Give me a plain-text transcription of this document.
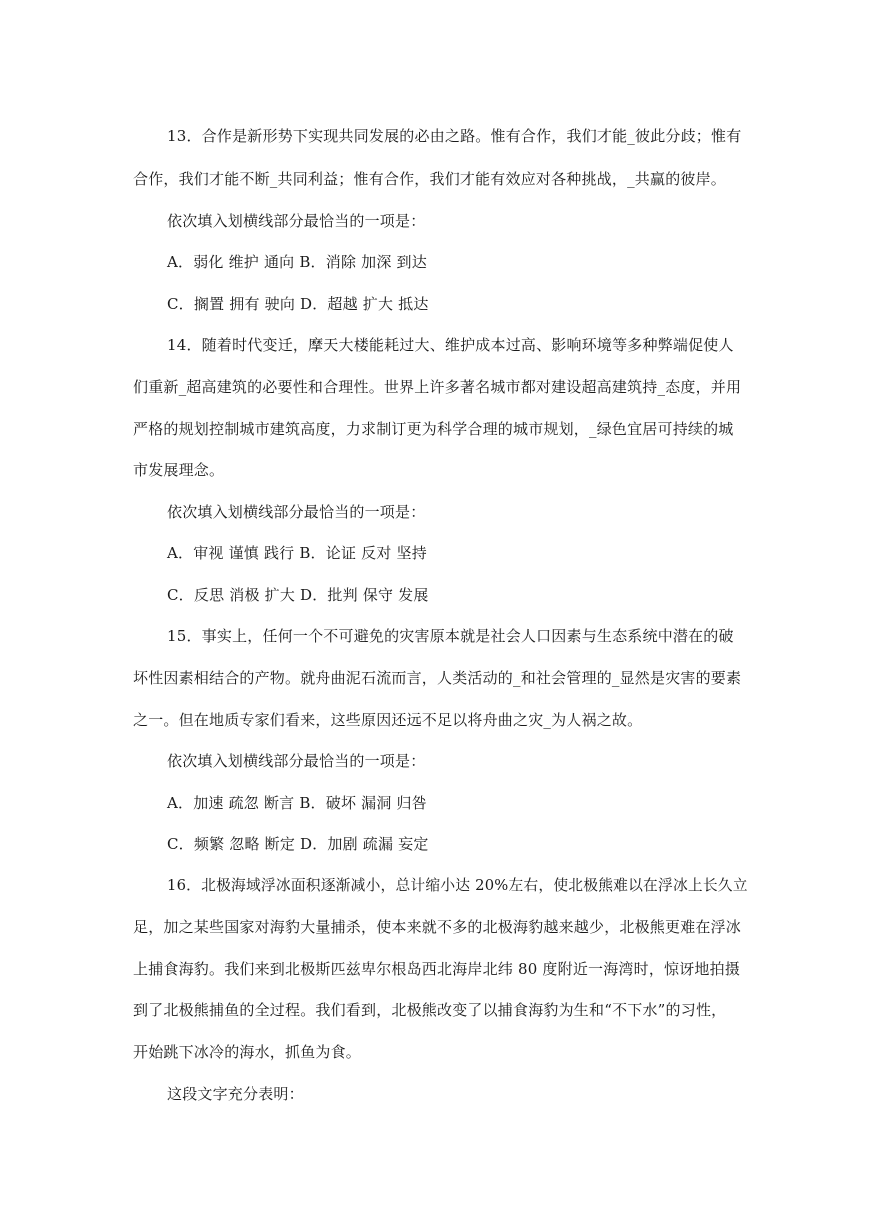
13．合作是新形势下实现共同发展的必由之路。惟有合作，我们才能_彼此分歧；惟有
合作，我们才能不断_共同利益；惟有合作，我们才能有效应对各种挑战，_共赢的彼岸。
依次填入划横线部分最恰当的一项是：
A．弱化 维护 通向 B．消除 加深 到达
C．搁置 拥有 驶向 D．超越 扩大 抵达
14．随着时代变迁，摩天大楼能耗过大、维护成本过高、影响环境等多种弊端促使人
们重新_超高建筑的必要性和合理性。世界上许多著名城市都对建设超高建筑持_态度，并用
严格的规划控制城市建筑高度，力求制订更为科学合理的城市规划，_绿色宜居可持续的城
市发展理念。
依次填入划横线部分最恰当的一项是：
A．审视 谨慎 践行 B．论证 反对 坚持
C．反思 消极 扩大 D．批判 保守 发展
15．事实上，任何一个不可避免的灾害原本就是社会人口因素与生态系统中潜在的破
坏性因素相结合的产物。就舟曲泥石流而言，人类活动的_和社会管理的_显然是灾害的要素
之一。但在地质专家们看来，这些原因还远不足以将舟曲之灾_为人祸之故。
依次填入划横线部分最恰当的一项是：
A．加速 疏忽 断言 B．破坏 漏洞 归咎
C．频繁 忽略 断定 D．加剧 疏漏 妄定
16．北极海域浮冰面积逐渐减小，总计缩小达 20%左右，使北极熊难以在浮冰上长久立
足，加之某些国家对海豹大量捕杀，使本来就不多的北极海豹越来越少，北极熊更难在浮冰
上捕食海豹。我们来到北极斯匹兹卑尔根岛西北海岸北纬 80 度附近一海湾时，惊讶地拍摄
到了北极熊捕鱼的全过程。我们看到，北极熊改变了以捕食海豹为生和“不下水”的习性，
开始跳下冰冷的海水，抓鱼为食。
这段文字充分表明：
